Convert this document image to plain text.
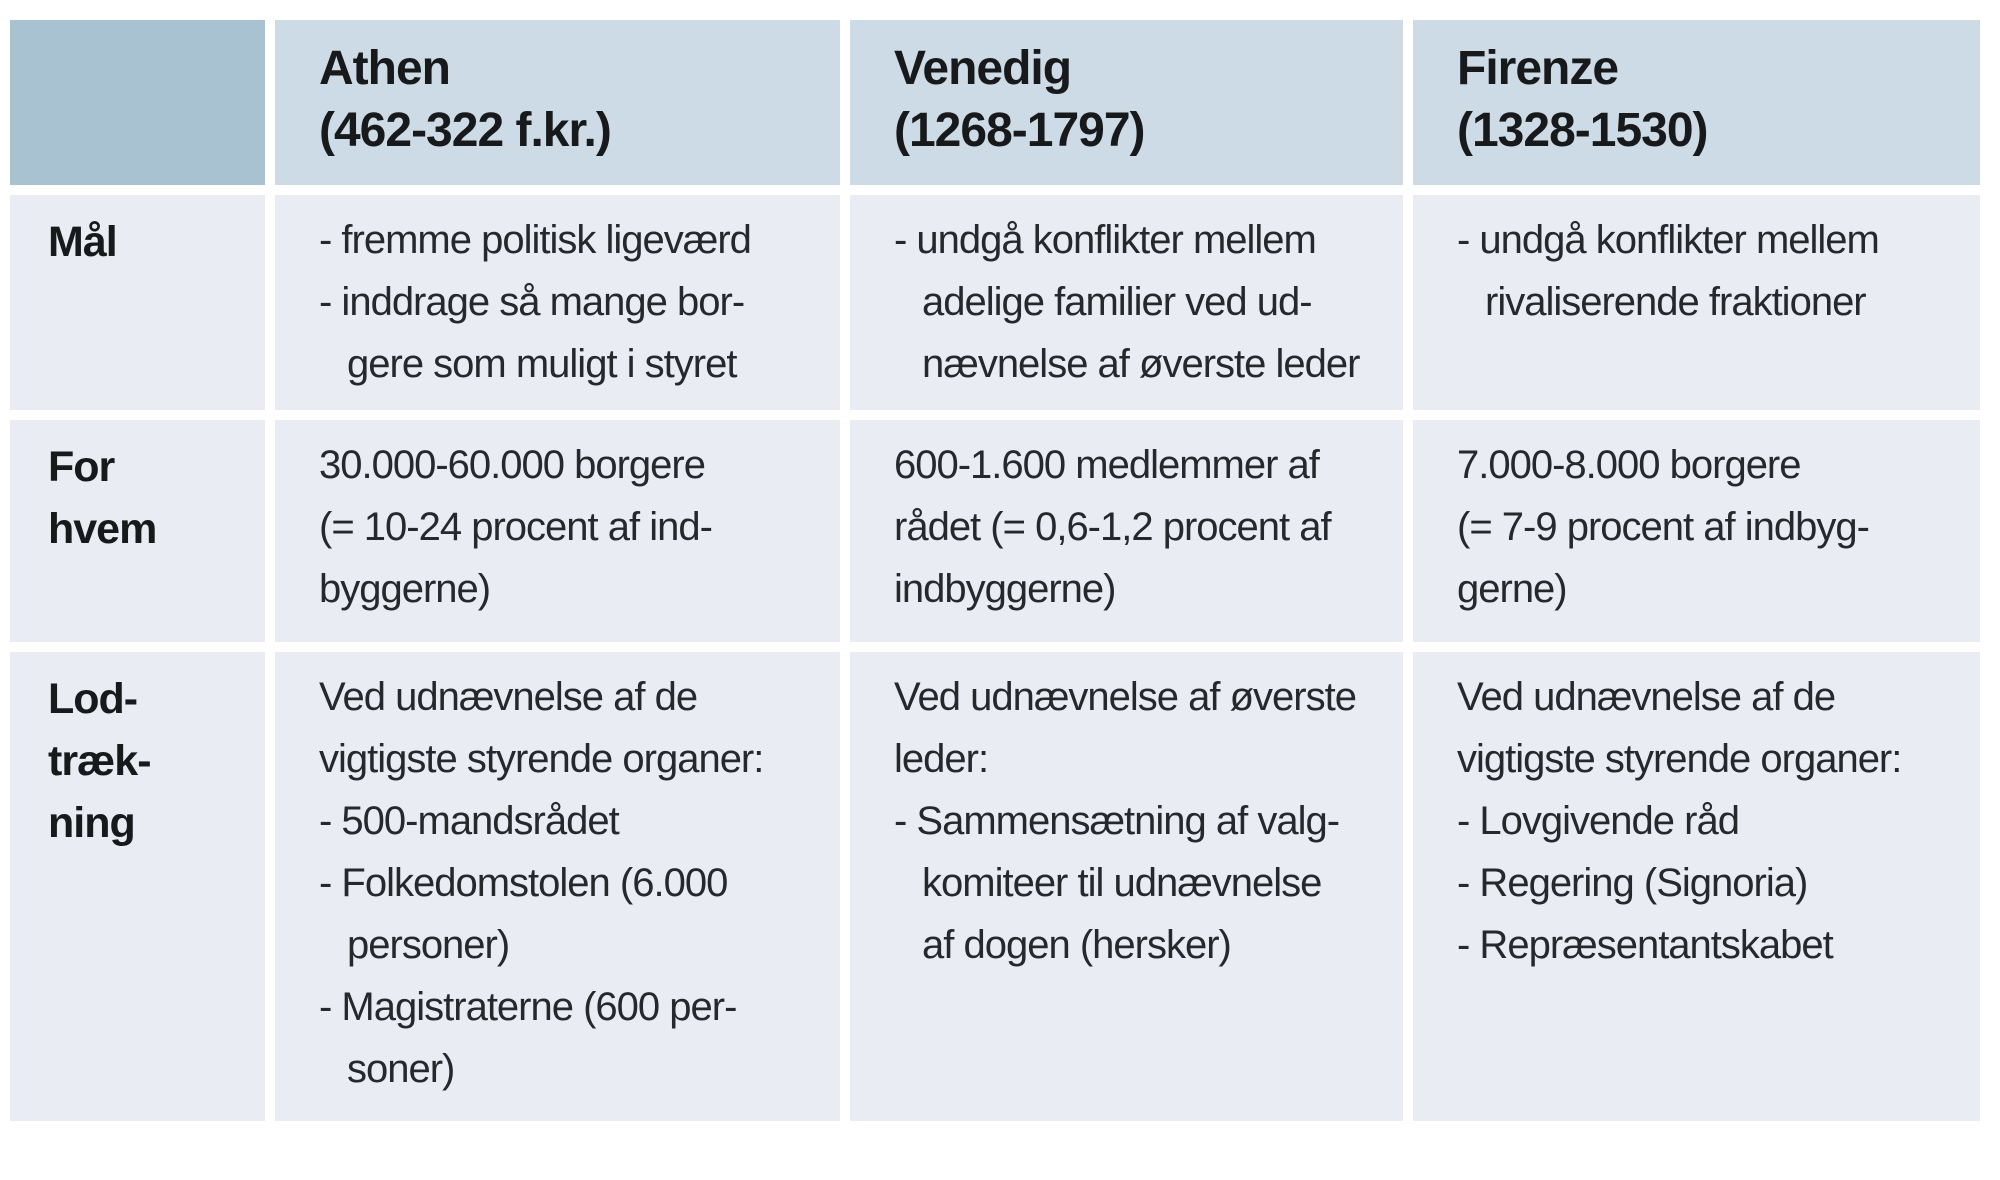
Athen
(462-322 f.kr.)
Venedig
(1268-1797)
Firenze
(1328-1530)
Mål	- fremme politisk ligeværd
- inddrage så mange bor-
gere som muligt i styret
- undgå konflikter mellem
adelige familier ved ud-
nævnelse af øverste leder
- undgå konflikter mellem
rivaliserende fraktioner
For
hvem
30.000-60.000 borgere
(= 10-24 procent af ind-
byggerne)
600-1.600 medlemmer af
rådet (= 0,6-1,2 procent af
indbyggerne)
7.000-8.000 borgere
(= 7-9 procent af indbyg-
gerne)
Lod-
træk-
ning
Ved udnævnelse af de
vigtigste styrende organer:
- 500-mandsrådet
- Folkedomstolen (6.000
personer)
- Magistraterne (600 per-
soner)
Ved udnævnelse af øverste
leder:
- Sammensætning af valg-
komiteer til udnævnelse
af dogen (hersker)
Ved udnævnelse af de
vigtigste styrende organer:
- Lovgivende råd
- Regering (Signoria)
- Repræsentantskabet
